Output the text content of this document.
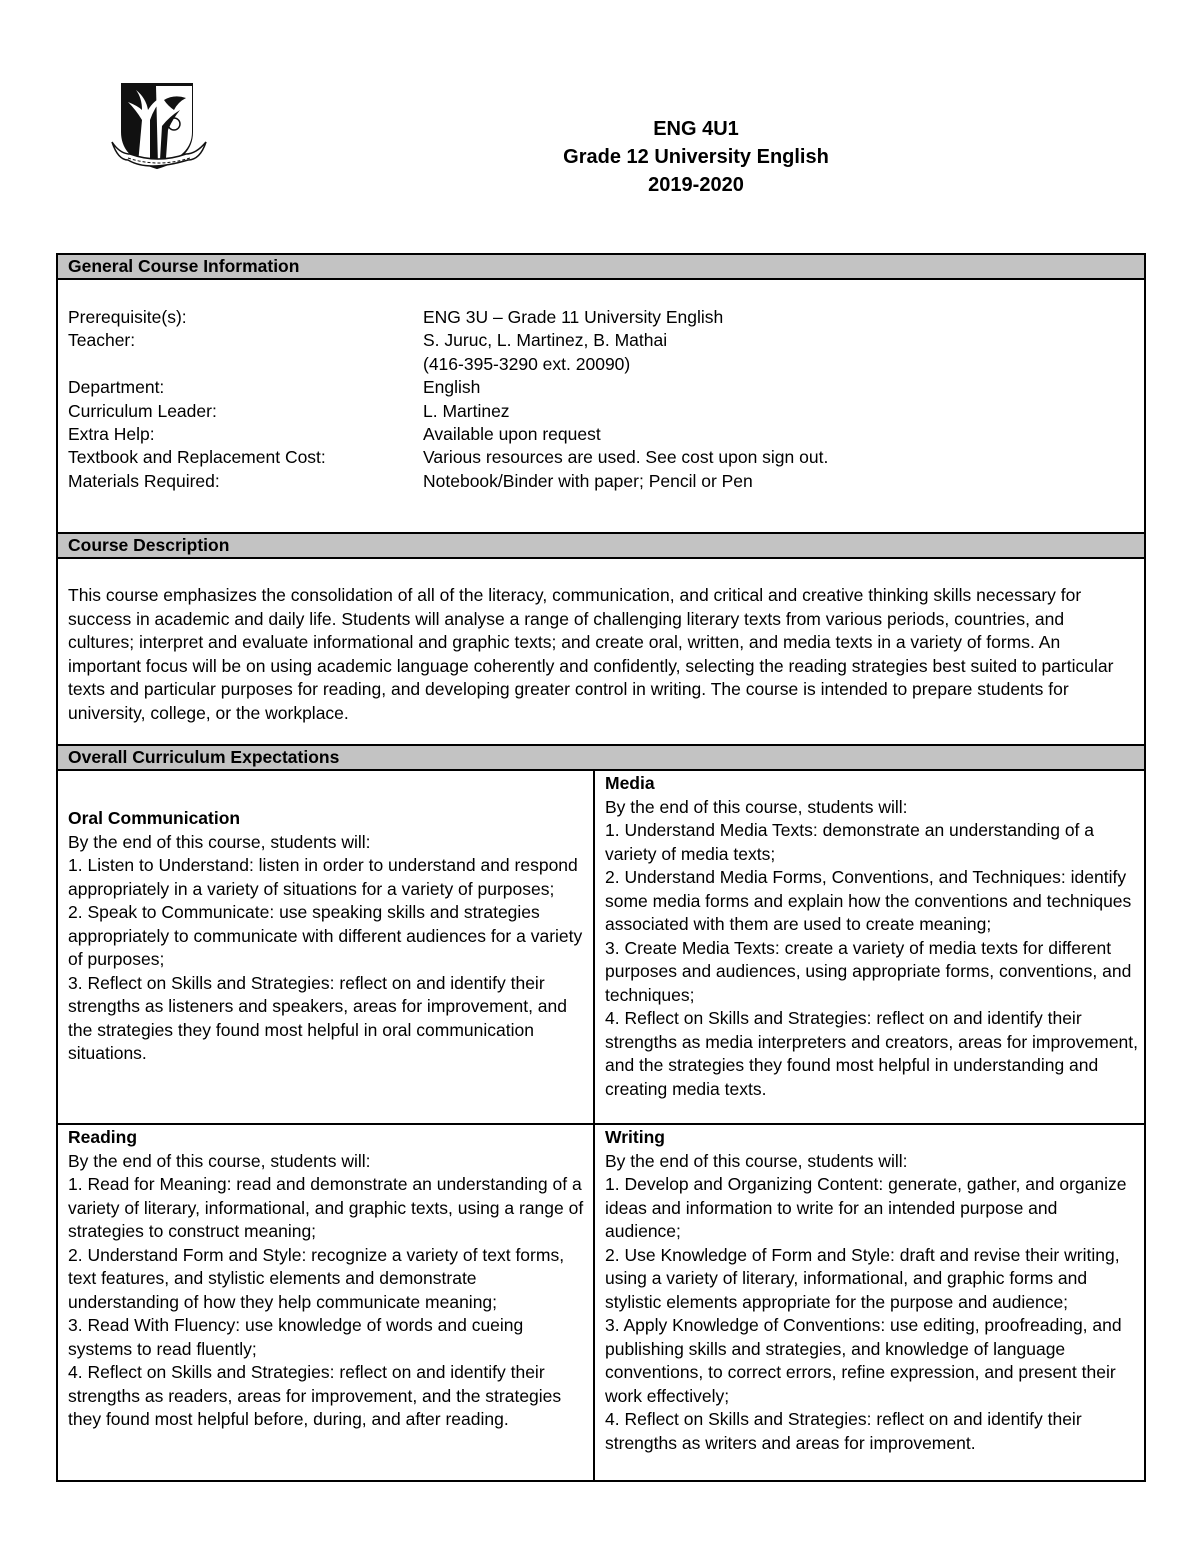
ENG 4U1
Grade 12 University English
2019-2020
General Course Information
Prerequisite(s):	ENG 3U – Grade 11 University English
Teacher:	S. Juruc, L. Martinez, B. Mathai
(416-395-3290 ext. 20090)
Department:	English
Curriculum Leader:	L. Martinez
Extra Help:	Available upon request
Textbook and Replacement Cost:	Various resources are used. See cost upon sign out.
Materials Required:	Notebook/Binder with paper; Pencil or Pen
Course Description
This course emphasizes the consolidation of all of the literacy, communication, and critical and creative thinking skills necessary for success in academic and daily life. Students will analyse a range of challenging literary texts from various periods, countries, and cultures; interpret and evaluate informational and graphic texts; and create oral, written, and media texts in a variety of forms. An important focus will be on using academic language coherently and confidently, selecting the reading strategies best suited to particular texts and particular purposes for reading, and developing greater control in writing. The course is intended to prepare students for university, college, or the workplace.
Overall Curriculum Expectations
Oral Communication

By the end of this course, students will:

1. Listen to Understand: listen in order to understand and respond appropriately in a variety of situations for a variety of purposes;

2. Speak to Communicate: use speaking skills and strategies appropriately to communicate with different audiences for a variety of purposes;

3. Reflect on Skills and Strategies: reflect on and identify their strengths as listeners and speakers, areas for improvement, and the strategies they found most helpful in oral communication situations.

Media

By the end of this course, students will:

1. Understand Media Texts: demonstrate an understanding of a variety of media texts;

2. Understand Media Forms, Conventions, and Techniques: identify some media forms and explain how the conventions and techniques associated with them are used to create meaning;

3. Create Media Texts: create a variety of media texts for different purposes and audiences, using appropriate forms, conventions, and techniques;

4. Reflect on Skills and Strategies: reflect on and identify their strengths as media interpreters and creators, areas for improvement, and the strategies they found most helpful in understanding and creating media texts.

Reading

By the end of this course, students will:

1. Read for Meaning: read and demonstrate an understanding of a variety of literary, informational, and graphic texts, using a range of strategies to construct meaning;

2. Understand Form and Style: recognize a variety of text forms, text features, and stylistic elements and demonstrate understanding of how they help communicate meaning;

3. Read With Fluency: use knowledge of words and cueing systems to read fluently;

4. Reflect on Skills and Strategies: reflect on and identify their strengths as readers, areas for improvement, and the strategies they found most helpful before, during, and after reading.

Writing

By the end of this course, students will:

1. Develop and Organizing Content: generate, gather, and organize ideas and information to write for an intended purpose and audience;

2. Use Knowledge of Form and Style: draft and revise their writing, using a variety of literary, informational, and graphic forms and stylistic elements appropriate for the purpose and audience;

3. Apply Knowledge of Conventions: use editing, proofreading, and publishing skills and strategies, and knowledge of language conventions, to correct errors, refine expression, and present their work effectively;

4. Reflect on Skills and Strategies: reflect on and identify their strengths as writers and areas for improvement.
